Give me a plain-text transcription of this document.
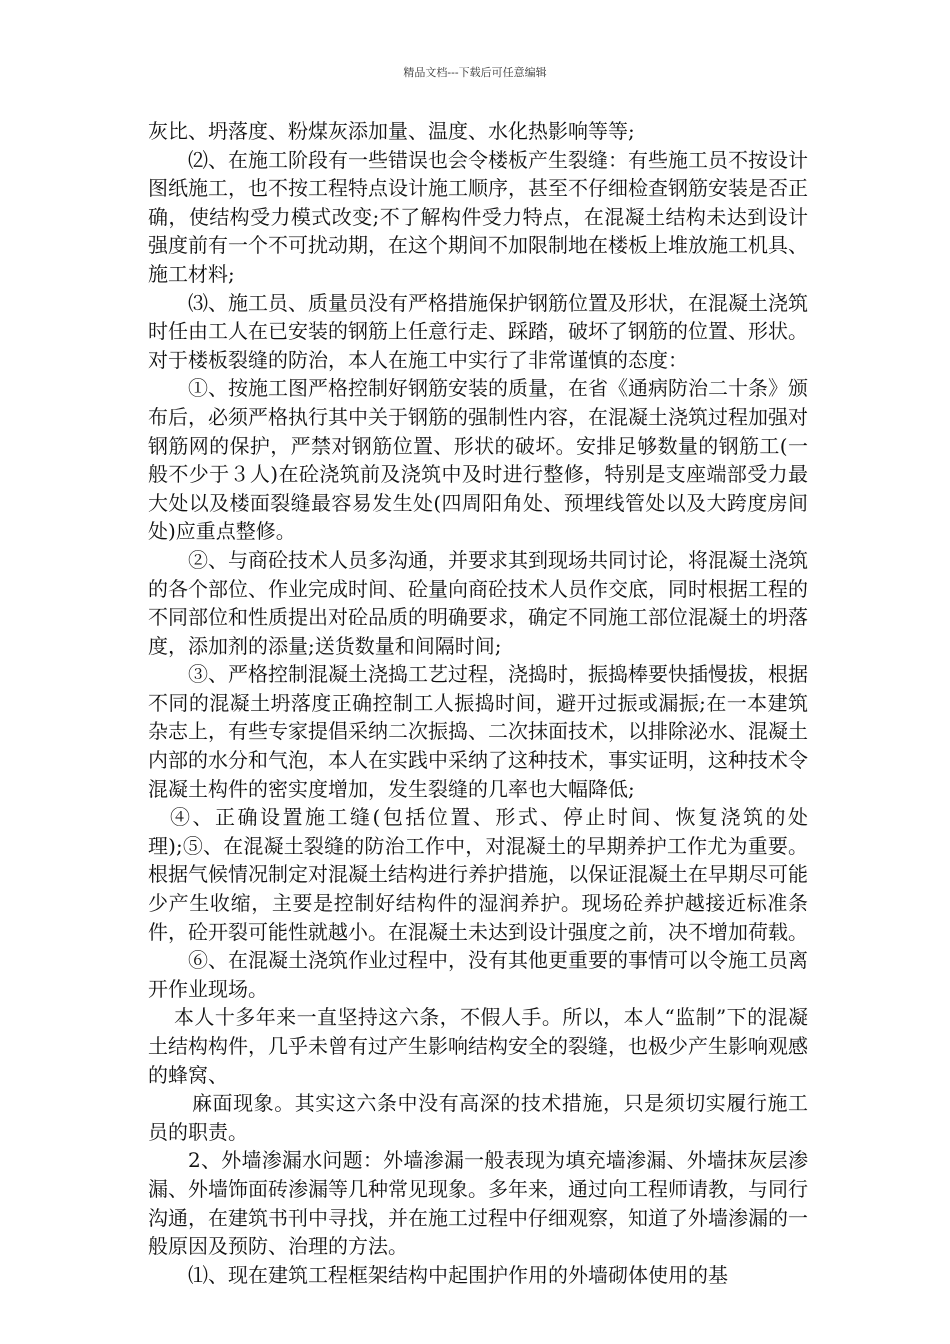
精品文档---下载后可任意编辑

灰比、坍落度、粉煤灰添加量、温度、水化热影响等等;

⑵、在施工阶段有一些错误也会令楼板产生裂缝：有些施工员不按设计图纸施工，也不按工程特点设计施工顺序，甚至不仔细检查钢筋安装是否正确，使结构受力模式改变;不了解构件受力特点，在混凝土结构未达到设计强度前有一个不可扰动期，在这个期间不加限制地在楼板上堆放施工机具、施工材料;

⑶、施工员、质量员没有严格措施保护钢筋位置及形状，在混凝土浇筑时任由工人在已安装的钢筋上任意行走、踩踏，破坏了钢筋的位置、形状。对于楼板裂缝的防治，本人在施工中实行了非常谨慎的态度：

①、按施工图严格控制好钢筋安装的质量，在省《通病防治二十条》颁布后，必须严格执行其中关于钢筋的强制性内容，在混凝土浇筑过程加强对钢筋网的保护，严禁对钢筋位置、形状的破坏。安排足够数量的钢筋工(一般不少于３人)在砼浇筑前及浇筑中及时进行整修，特别是支座端部受力最大处以及楼面裂缝最容易发生处(四周阳角处、预埋线管处以及大跨度房间处)应重点整修。

②、与商砼技术人员多沟通，并要求其到现场共同讨论，将混凝土浇筑的各个部位、作业完成时间、砼量向商砼技术人员作交底，同时根据工程的不同部位和性质提出对砼品质的明确要求，确定不同施工部位混凝土的坍落度，添加剂的添量;送货数量和间隔时间;

③、严格控制混凝土浇捣工艺过程，浇捣时，振捣棒要快插慢拔，根据不同的混凝土坍落度正确控制工人振捣时间，避开过振或漏振;在一本建筑杂志上，有些专家提倡采纳二次振捣、二次抹面技术，以排除泌水、混凝土内部的水分和气泡，本人在实践中采纳了这种技术，事实证明，这种技术令混凝土构件的密实度增加，发生裂缝的几率也大幅降低;

④、正确设置施工缝(包括位置、形式、停止时间、恢复浇筑的处理);⑤、在混凝土裂缝的防治工作中，对混凝土的早期养护工作尤为重要。根据气候情况制定对混凝土结构进行养护措施，以保证混凝土在早期尽可能少产生收缩，主要是控制好结构件的湿润养护。现场砼养护越接近标准条件，砼开裂可能性就越小。在混凝土未达到设计强度之前，决不增加荷载。

⑥、在混凝土浇筑作业过程中，没有其他更重要的事情可以令施工员离开作业现场。

本人十多年来一直坚持这六条，不假人手。所以，本人“监制”下的混凝土结构构件，几乎未曾有过产生影响结构安全的裂缝，也极少产生影响观感的蜂窝、

麻面现象。其实这六条中没有高深的技术措施，只是须切实履行施工员的职责。

2、外墙渗漏水问题：外墙渗漏一般表现为填充墙渗漏、外墙抹灰层渗漏、外墙饰面砖渗漏等几种常见现象。多年来，通过向工程师请教，与同行沟通，在建筑书刊中寻找，并在施工过程中仔细观察，知道了外墙渗漏的一般原因及预防、治理的方法。

⑴、现在建筑工程框架结构中起围护作用的外墙砌体使用的基
